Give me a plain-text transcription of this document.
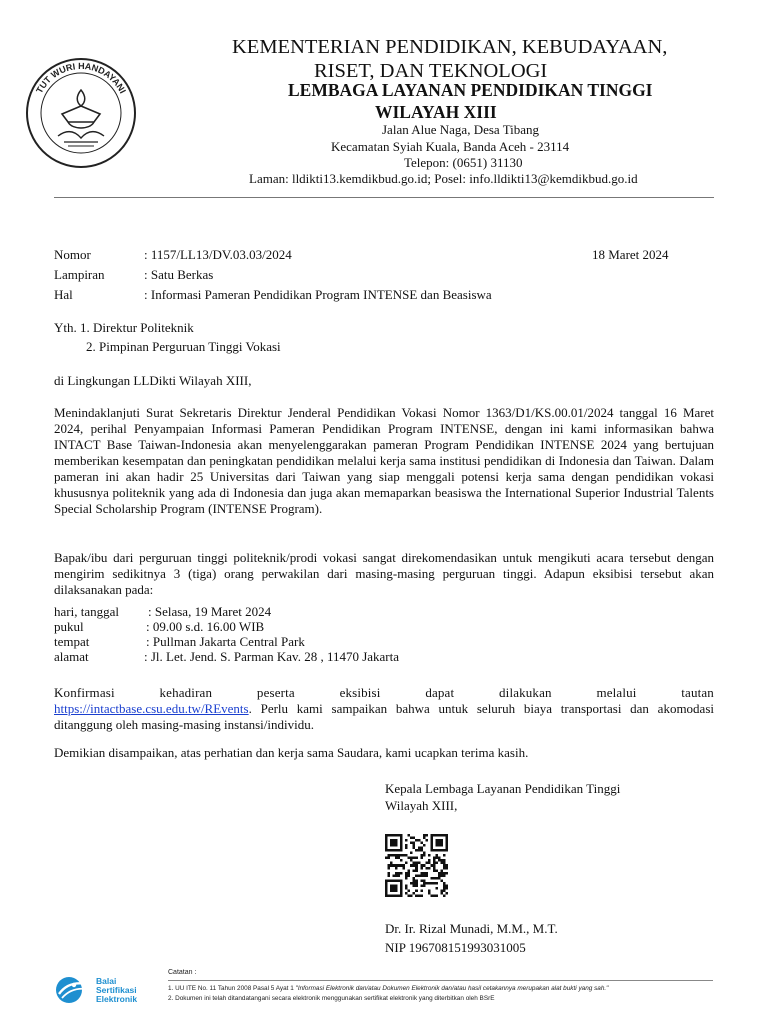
TUT WURI HANDAYANI
KEMENTERIAN PENDIDIKAN, KEBUDAYAAN,
RISET, DAN TEKNOLOGI
LEMBAGA LAYANAN PENDIDIKAN TINGGI
WILAYAH XIII
Jalan Alue Naga, Desa Tibang
Kecamatan Syiah Kuala, Banda Aceh - 23114
Telepon: (0651) 31130
Laman: lldikti13.kemdikbud.go.id; Posel: info.lldikti13@kemdikbud.go.id
Nomor	: 1157/LL13/DV.03.03/2024	18 Maret 2024
Lampiran	: Satu Berkas
Hal	: Informasi Pameran Pendidikan Program INTENSE dan Beasiswa
Yth. 1. Direktur Politeknik
2. Pimpinan Perguruan Tinggi Vokasi
di Lingkungan LLDikti Wilayah XIII,
Menindaklanjuti Surat Sekretaris Direktur Jenderal Pendidikan Vokasi Nomor 1363/D1/KS.00.01/2024 tanggal 16 Maret 2024, perihal Penyampaian Informasi Pameran Pendidikan Program INTENSE, dengan ini kami informasikan bahwa INTACT Base Taiwan-Indonesia akan menyelenggarakan pameran Program Pendidikan INTENSE 2024 yang bertujuan memberikan kesempatan dan peningkatan pendidikan melalui kerja sama institusi pendidikan di Indonesia dan Taiwan. Dalam pameran ini akan hadir 25 Universitas dari Taiwan yang siap menggali potensi kerja sama dengan pendidikan vokasi khususnya politeknik yang ada di Indonesia dan juga akan memaparkan beasiswa the International Superior Industrial Talents Special Scholarship Program (INTENSE Program).
Bapak/ibu dari perguruan tinggi politeknik/prodi vokasi sangat direkomendasikan untuk mengikuti acara tersebut dengan mengirim sedikitnya 3 (tiga) orang perwakilan dari masing-masing perguruan tinggi. Adapun eksibisi tersebut akan dilaksanakan pada:
hari, tanggal : Selasa, 19 Maret 2024
pukul	: 09.00 s.d. 16.00 WIB
tempat	: Pullman Jakarta Central Park
alamat	: Jl. Let. Jend. S. Parman Kav. 28 , 11470 Jakarta
Konfirmasi	kehadiran	peserta	eksibisi	dapat	dilakukan	melalui	tautan
https://intactbase.csu.edu.tw/REvents. Perlu kami sampaikan bahwa untuk seluruh biaya transportasi dan akomodasi ditanggung oleh masing-masing instansi/individu.
Demikian disampaikan, atas perhatian dan kerja sama Saudara, kami ucapkan terima kasih.
Kepala Lembaga Layanan Pendidikan Tinggi
Wilayah XIII,
Dr. Ir. Rizal Munadi, M.M., M.T.
NIP 196708151993031005
Balai
Sertifikasi
Elektronik
Catatan :
1. UU ITE No. 11 Tahun 2008 Pasal 5 Ayat 1 "Informasi Elektronik dan/atau Dokumen Elektronik dan/atau hasil cetakannya merupakan alat bukti yang sah."
2. Dokumen ini telah ditandatangani secara elektronik menggunakan sertifikat elektronik yang diterbitkan oleh BSrE
